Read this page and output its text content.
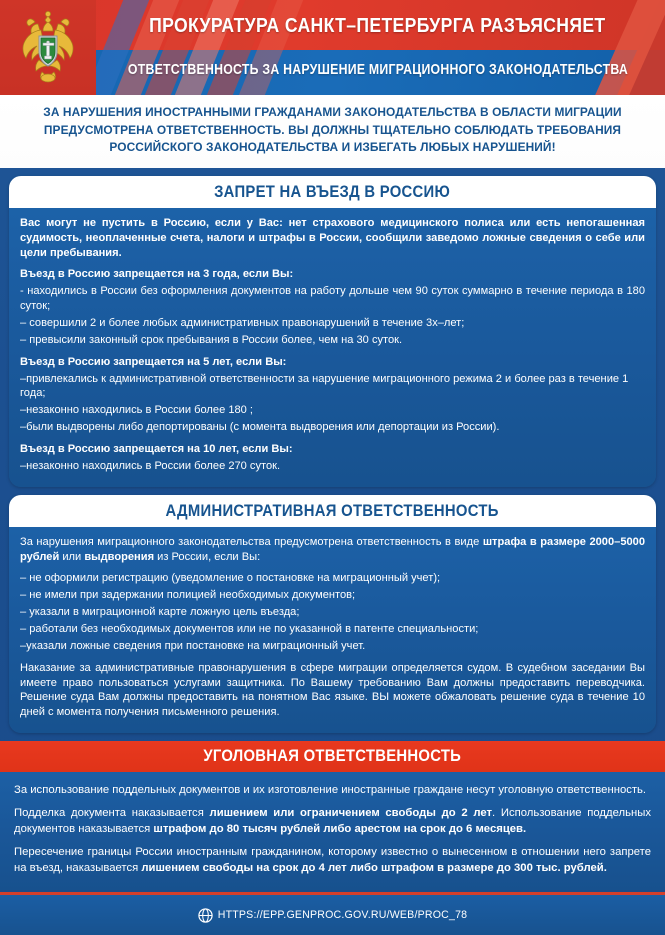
ПРОКУРАТУРА САНКТ–ПЕТЕРБУРГА РАЗЪЯСНЯЕТ
ОТВЕТСТВЕННОСТЬ ЗА НАРУШЕНИЕ МИГРАЦИОННОГО ЗАКОНОДАТЕЛЬСТВА

ЗА НАРУШЕНИЯ ИНОСТРАННЫМИ ГРАЖДАНАМИ ЗАКОНОДАТЕЛЬСТВА В ОБЛАСТИ МИГРАЦИИ ПРЕДУСМОТРЕНА ОТВЕТСТВЕННОСТЬ. ВЫ ДОЛЖНЫ ТЩАТЕЛЬНО СОБЛЮДАТЬ ТРЕБОВАНИЯ РОССИЙСКОГО ЗАКОНОДАТЕЛЬСТВА И ИЗБЕГАТЬ ЛЮБЫХ НАРУШЕНИЙ!

ЗАПРЕТ НА ВЪЕЗД В РОССИЮ

Вас могут не пустить в Россию, если у Вас: нет страхового медицинского полиса или есть непогашенная судимость, неоплаченные счета, налоги и штрафы в России, сообщили заведомо ложные сведения о себе или цели пребывания.

Въезд в Россию запрещается на 3 года, если Вы:

- находились в России без оформления документов на работу дольше чем 90 суток суммарно в течение периода в 180 суток;

– совершили 2 и более любых административных правонарушений в течение 3х–лет;

– превысили законный срок пребывания в России более, чем на 30 суток.

Въезд в Россию запрещается на 5 лет, если Вы:

–привлекались к административной ответственности за нарушение миграционного режима 2 и более раз в течение 1 года;

–незаконно находились в России более 180 ;

–были выдворены либо депортированы (с момента выдворения или депортации из России).

Въезд в Россию запрещается на 10 лет, если Вы:

–незаконно находились в России более 270 суток.

АДМИНИСТРАТИВНАЯ ОТВЕТСТВЕННОСТЬ

За нарушения миграционного законодательства предусмотрена ответственность в виде штрафа в размере 2000–5000 рублей или выдворения из России, если Вы:

– не оформили регистрацию (уведомление о постановке на миграционный учет);

– не имели при задержании полицией необходимых документов;

– указали в миграционной карте ложную цель въезда;

– работали без необходимых документов или не по указанной в патенте специальности;

–указали ложные сведения при постановке на миграционный учет.

Наказание за административные правонарушения в сфере миграции определяется судом. В судебном заседании Вы имеете право пользоваться услугами защитника. По Вашему требованию Вам должны предоставить переводчика. Решение суда Вам должны предоставить на понятном Вас языке. ВЫ можете обжаловать решение суда в течение 10 дней с момента получения письменного решения.

УГОЛОВНАЯ ОТВЕТСТВЕННОСТЬ

За использование поддельных документов и их изготовление иностранные граждане несут уголовную ответственность.

Подделка документа наказывается лишением или ограничением свободы до 2 лет. Использование поддельных документов наказывается штрафом до 80 тысяч рублей либо арестом на срок до 6 месяцев.

Пересечение границы России иностранным гражданином, которому известно о вынесенном в отношении него запрете на въезд, наказывается лишением свободы на срок до 4 лет либо штрафом в размере до 300 тыс. рублей.

HTTPS://EPP.GENPROC.GOV.RU/WEB/PROC_78
